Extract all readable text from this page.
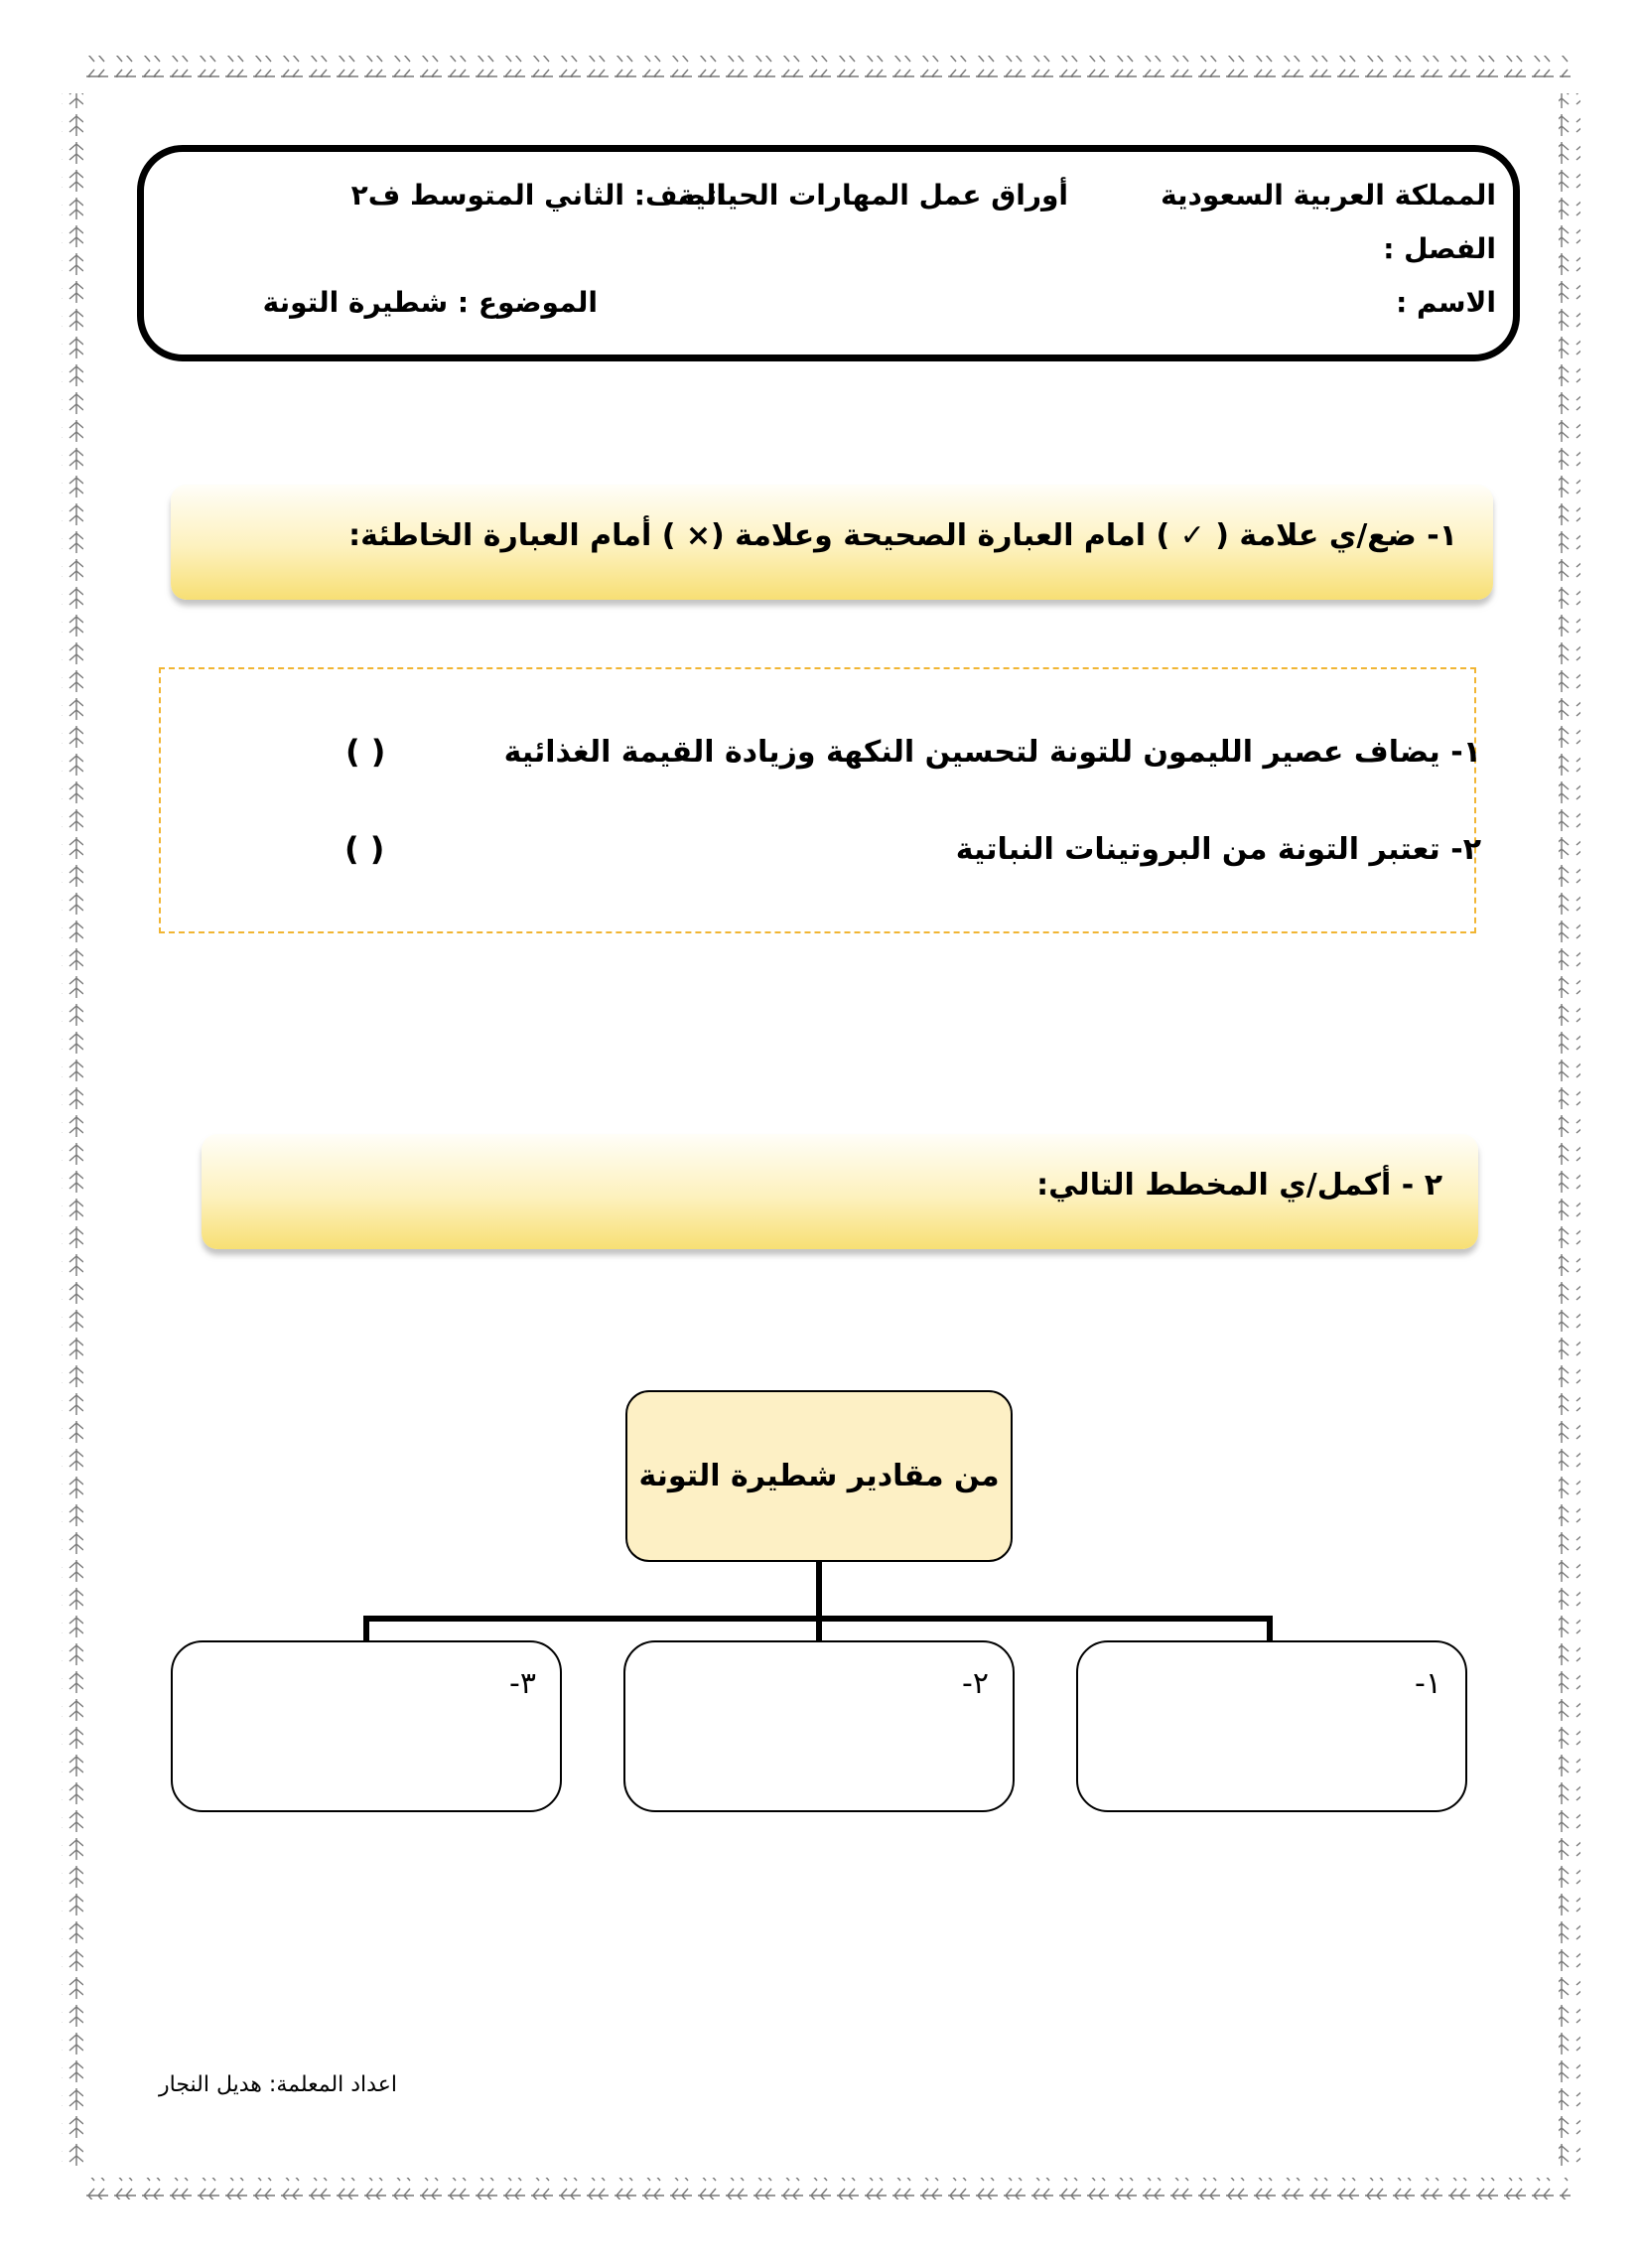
المملكة العربية السعودية
أوراق عمل المهارات الحياتية
الصف: الثاني المتوسط ف٢
الفصل :
الاسم :
الموضوع : شطيرة التونة
١- ضع/ي علامة ( ✓ ) امام العبارة الصحيحة وعلامة (× ) أمام العبارة الخاطئة:
١- يضاف عصير الليمون للتونة لتحسين النكهة وزيادة القيمة الغذائية
( )
٢- تعتبر التونة من البروتينات النباتية
( )
٢ - أكمل/ي المخطط التالي:
من مقادير شطيرة التونة
١-
٢-
٣-
اعداد المعلمة: هديل النجار
